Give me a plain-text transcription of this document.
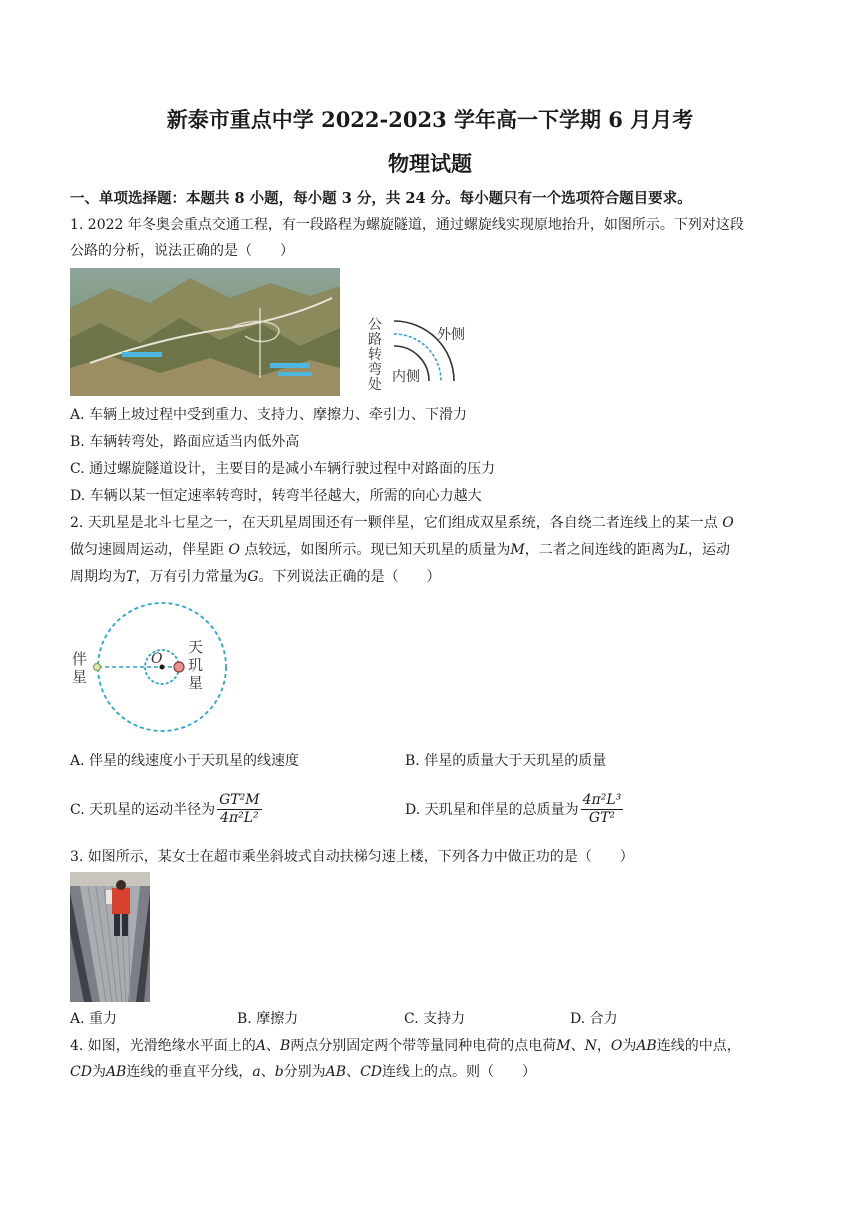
新泰市重点中学 2022-2023 学年高一下学期 6 月月考
物理试题
一、单项选择题：本题共 8 小题，每小题 3 分，共 24 分。每小题只有一个选项符合题目要求。
1. 2022 年冬奥会重点交通工程，有一段路程为螺旋隧道，通过螺旋线实现原地抬升，如图所示。下列对这段
公路的分析，说法正确的是（　　）
公路转弯处
外侧
内侧
A. 车辆上坡过程中受到重力、支持力、摩擦力、牵引力、下滑力
B. 车辆转弯处，路面应适当内低外高
C. 通过螺旋隧道设计，主要目的是减小车辆行驶过程中对路面的压力
D. 车辆以某一恒定速率转弯时，转弯半径越大，所需的向心力越大
2. 天玑星是北斗七星之一，在天玑星周围还有一颗伴星，它们组成双星系统，各自绕二者连线上的某一点 O
做匀速圆周运动，伴星距 O 点较远，如图所示。现已知天玑星的质量为M，二者之间连线的距离为L，运动
周期均为T，万有引力常量为G。下列说法正确的是（　　）
伴星
O
天玑星
A. 伴星的线速度小于天玑星的线速度	B. 伴星的质量大于天玑星的质量
C. 天玑星的运动半径为 $\frac{\text{GT²M}}{\text{4π²L²}}$	D. 天玑星和伴星的总质量为 $\frac{\text{4π²L³}}{\text{GT²}}$
3. 如图所示，某女士在超市乘坐斜坡式自动扶梯匀速上楼，下列各力中做正功的是（　　）
A. 重力	B. 摩擦力	C. 支持力	D. 合力
4. 如图，光滑绝缘水平面上的A、B两点分别固定两个带等量同种电荷的点电荷M、N，O为AB连线的中点，
CD为AB连线的垂直平分线，a、b分别为AB、CD连线上的点。则（　　）
